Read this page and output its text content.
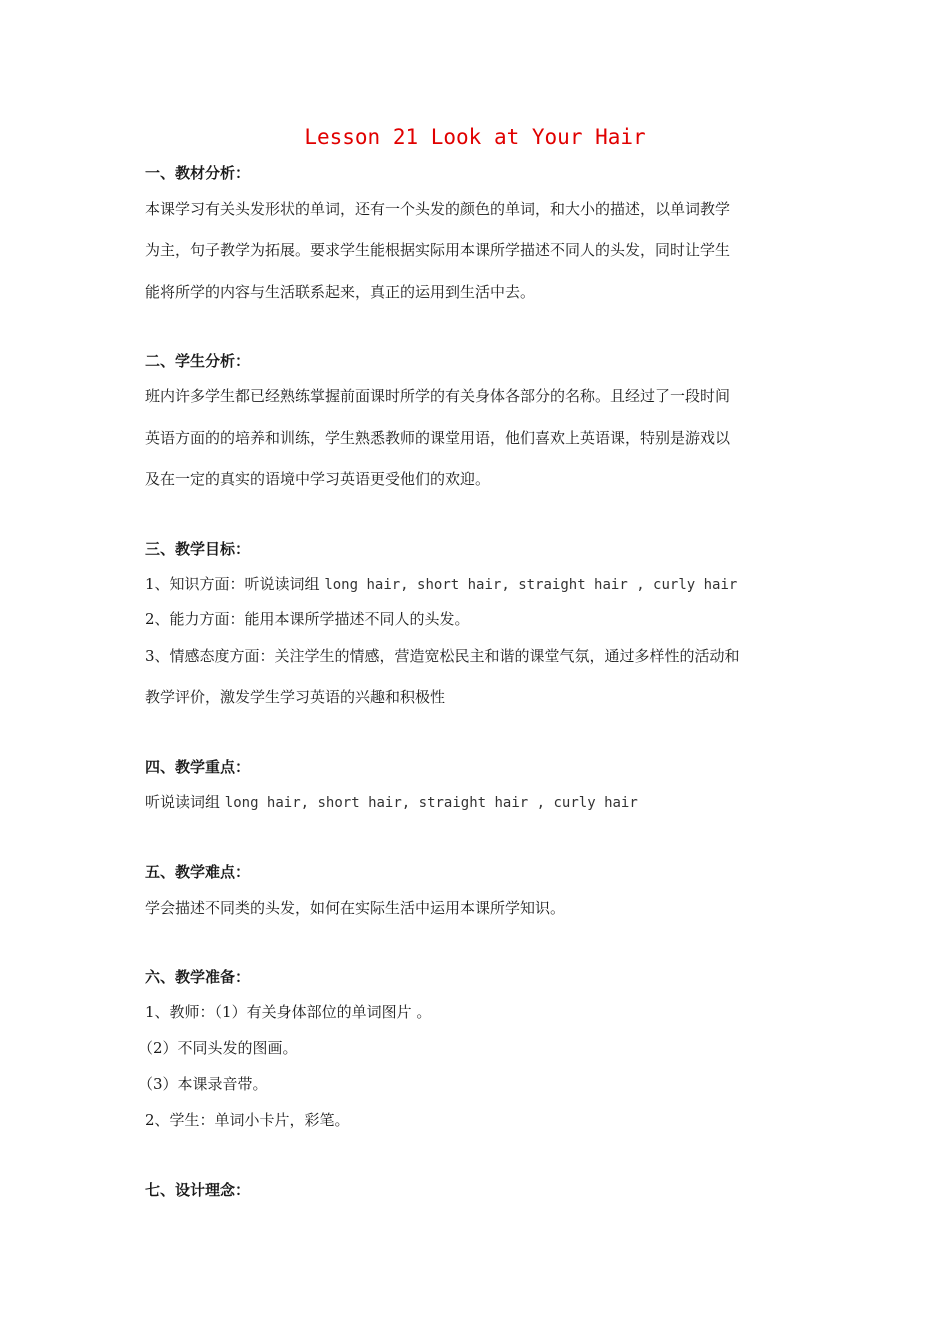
Lesson 21 Look at Your Hair
一、教材分析：
本课学习有关头发形状的单词，还有一个头发的颜色的单词，和大小的描述，以单词教学
为主，句子教学为拓展。要求学生能根据实际用本课所学描述不同人的头发，同时让学生
能将所学的内容与生活联系起来，真正的运用到生活中去。
二、学生分析：
班内许多学生都已经熟练掌握前面课时所学的有关身体各部分的名称。且经过了一段时间
英语方面的的培养和训练，学生熟悉教师的课堂用语，他们喜欢上英语课，特别是游戏以
及在一定的真实的语境中学习英语更受他们的欢迎。
三、教学目标：
1、知识方面：听说读词组 long hair, short hair, straight hair , curly hair
2、能力方面：能用本课所学描述不同人的头发。
3、情感态度方面：关注学生的情感，营造宽松民主和谐的课堂气氛，通过多样性的活动和
教学评价，激发学生学习英语的兴趣和积极性
四、教学重点：
听说读词组 long hair, short hair, straight hair , curly hair
五、教学难点：
学会描述不同类的头发，如何在实际生活中运用本课所学知识。
六、教学准备：
1、教师：（1）有关身体部位的单词图片 。
（2）不同头发的图画。
（3）本课录音带。
2、学生：单词小卡片，彩笔。
七、设计理念：
